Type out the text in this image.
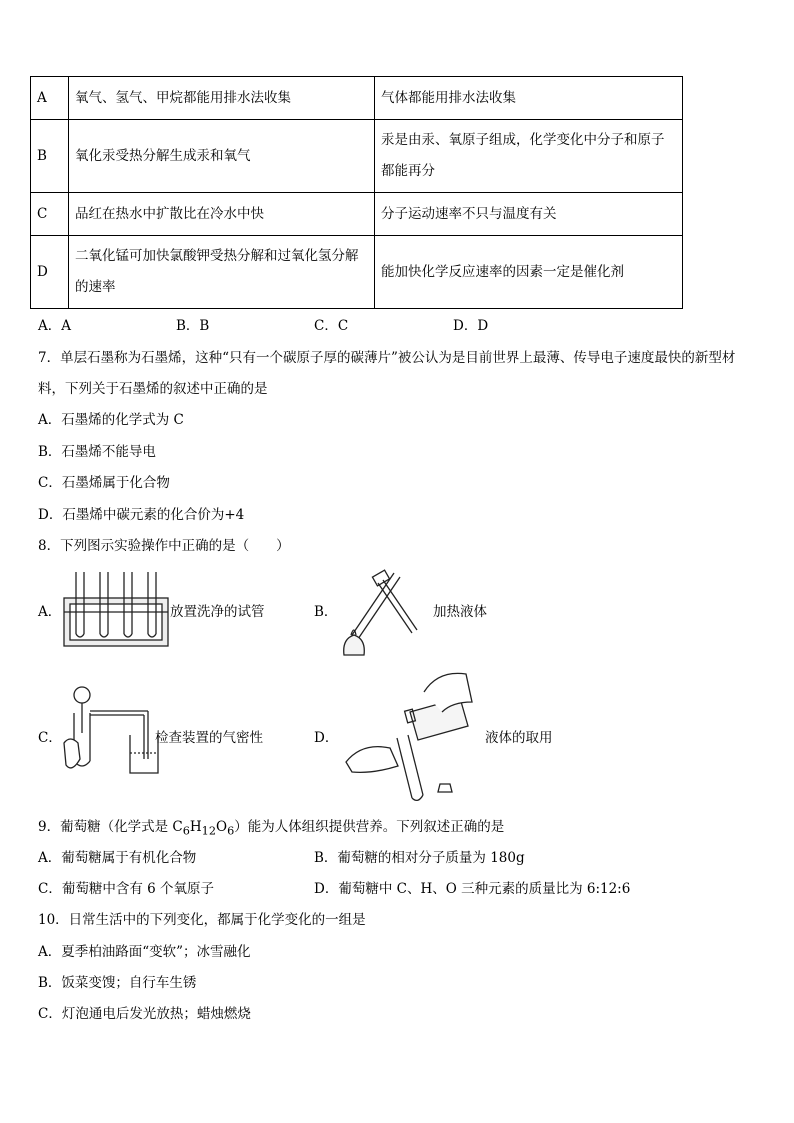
A	氧气、氢气、甲烷都能用排水法收集	气体都能用排水法收集
B	氧化汞受热分解生成汞和氧气	汞是由汞、氧原子组成，化学变化中分子和原子都能再分
C	品红在热水中扩散比在冷水中快	分子运动速率不只与温度有关
D	二氧化锰可加快氯酸钾受热分解和过氧化氢分解的速率	能加快化学反应速率的因素一定是催化剂
A．A	B．B	C．C	D．D
7．单层石墨称为石墨烯，这种“只有一个碳原子厚的碳薄片”被公认为是目前世界上最薄、传导电子速度最快的新型材
料，下列关于石墨烯的叙述中正确的是
A．石墨烯的化学式为 C
B．石墨烯不能导电
C．石墨烯属于化合物
D．石墨烯中碳元素的化合价为+4
8．下列图示实验操作中正确的是（　　）
A．	放置洗净的试管	B．	加热液体
C．	检查装置的气密性	D．	液体的取用
9．葡萄糖（化学式是 $C_6H_{12}O_6$）能为人体组织提供营养。下列叙述正确的是
A．葡萄糖属于有机化合物	B．葡萄糖的相对分子质量为 180g
C．葡萄糖中含有 6 个氧原子	D．葡萄糖中 C、H、O 三种元素的质量比为 6:12:6
10．日常生活中的下列变化，都属于化学变化的一组是
A．夏季柏油路面“变软”；冰雪融化
B．饭菜变馊；自行车生锈
C．灯泡通电后发光放热；蜡烛燃烧
